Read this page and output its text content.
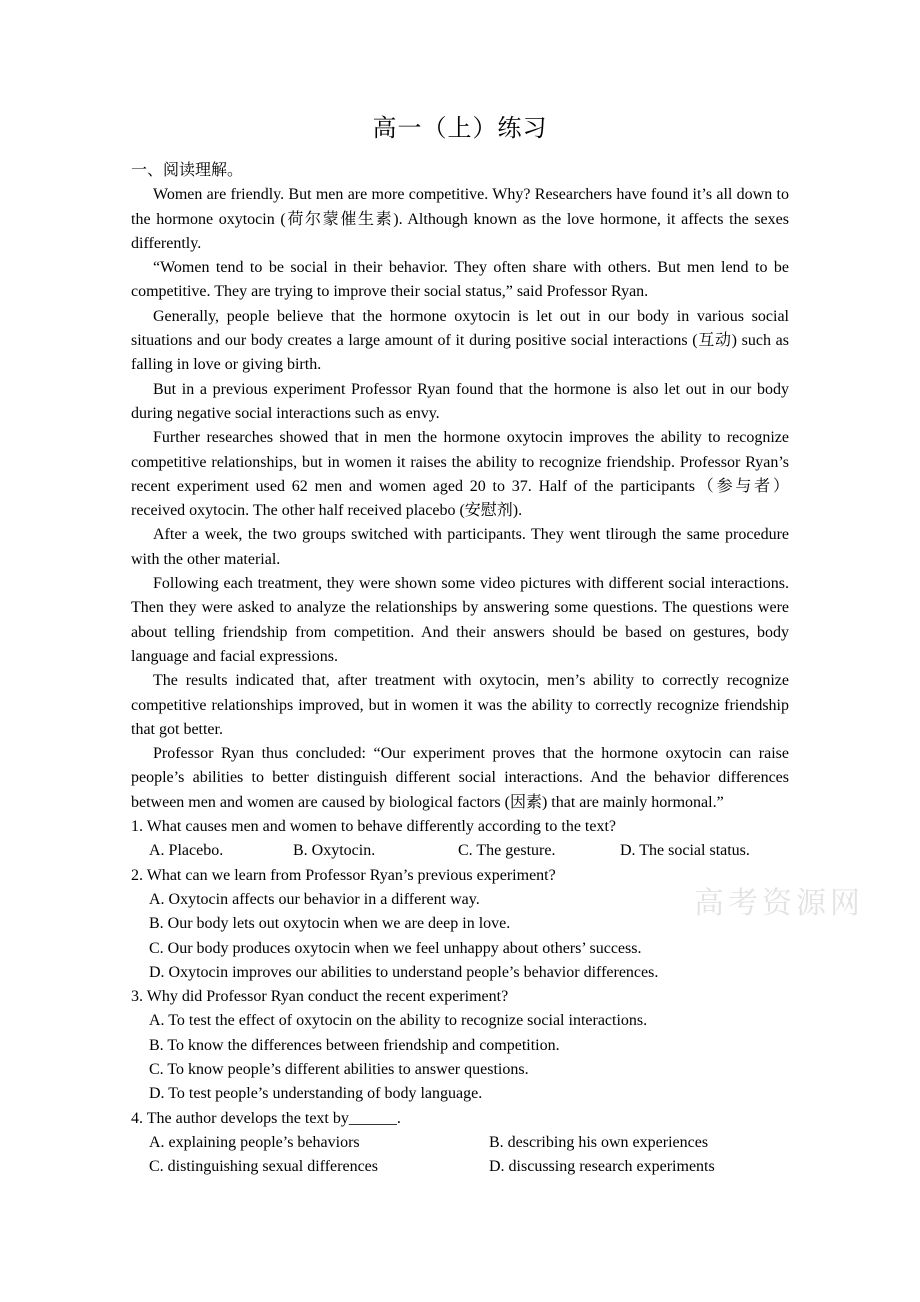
高考资源网
高一（上）练习
一、阅读理解。

Women are friendly. But men are more competitive. Why? Researchers have found it’s all down to the hormone oxytocin (荷尔蒙催生素). Although known as the love hormone, it affects the sexes differently.

“Women tend to be social in their behavior. They often share with others. But men lend to be competitive. They are trying to improve their social status,” said Professor Ryan.

Generally, people believe that the hormone oxytocin is let out in our body in various social situations and our body creates a large amount of it during positive social interactions (互动) such as falling in love or giving birth.

But in a previous experiment Professor Ryan found that the hormone is also let out in our body during negative social interactions such as envy.

Further researches showed that in men the hormone oxytocin improves the ability to recognize competitive relationships, but in women it raises the ability to recognize friendship. Professor Ryan’s recent experiment used 62 men and women aged 20 to 37. Half of the participants（参与者） received oxytocin. The other half received placebo (安慰剂).

After a week, the two groups switched with participants. They went tlirough the same procedure with the other material.

Following each treatment, they were shown some video pictures with different social interactions. Then they were asked to analyze the relationships by answering some questions. The questions were about telling friendship from competition. And their answers should be based on gestures, body language and facial expressions.

The results indicated that, after treatment with oxytocin, men’s ability to correctly recognize competitive relationships improved, but in women it was the ability to correctly recognize friendship that got better.

Professor Ryan thus concluded: “Our experiment proves that the hormone oxytocin can raise people’s abilities to better distinguish different social interactions. And the behavior differences between men and women are caused by biological factors (因素) that are mainly hormonal.”

1. What causes men and women to behave differently according to the text?
A. Placebo.	B. Oxytocin.	C. The gesture.	D. The social status.
2. What can we learn from Professor Ryan’s previous experiment?
A. Oxytocin affects our behavior in a different way.
B. Our body lets out oxytocin when we are deep in love.
C. Our body produces oxytocin when we feel unhappy about others’ success.
D. Oxytocin improves our abilities to understand people’s behavior differences.
3. Why did Professor Ryan conduct the recent experiment?
A. To test the effect of oxytocin on the ability to recognize social interactions.
B. To know the differences between friendship and competition.
C. To know people’s different abilities to answer questions.
D. To test people’s understanding of body language.
4. The author develops the text by______.
A. explaining people’s behaviors	B. describing his own experiences
C. distinguishing sexual differences	D. discussing research experiments
